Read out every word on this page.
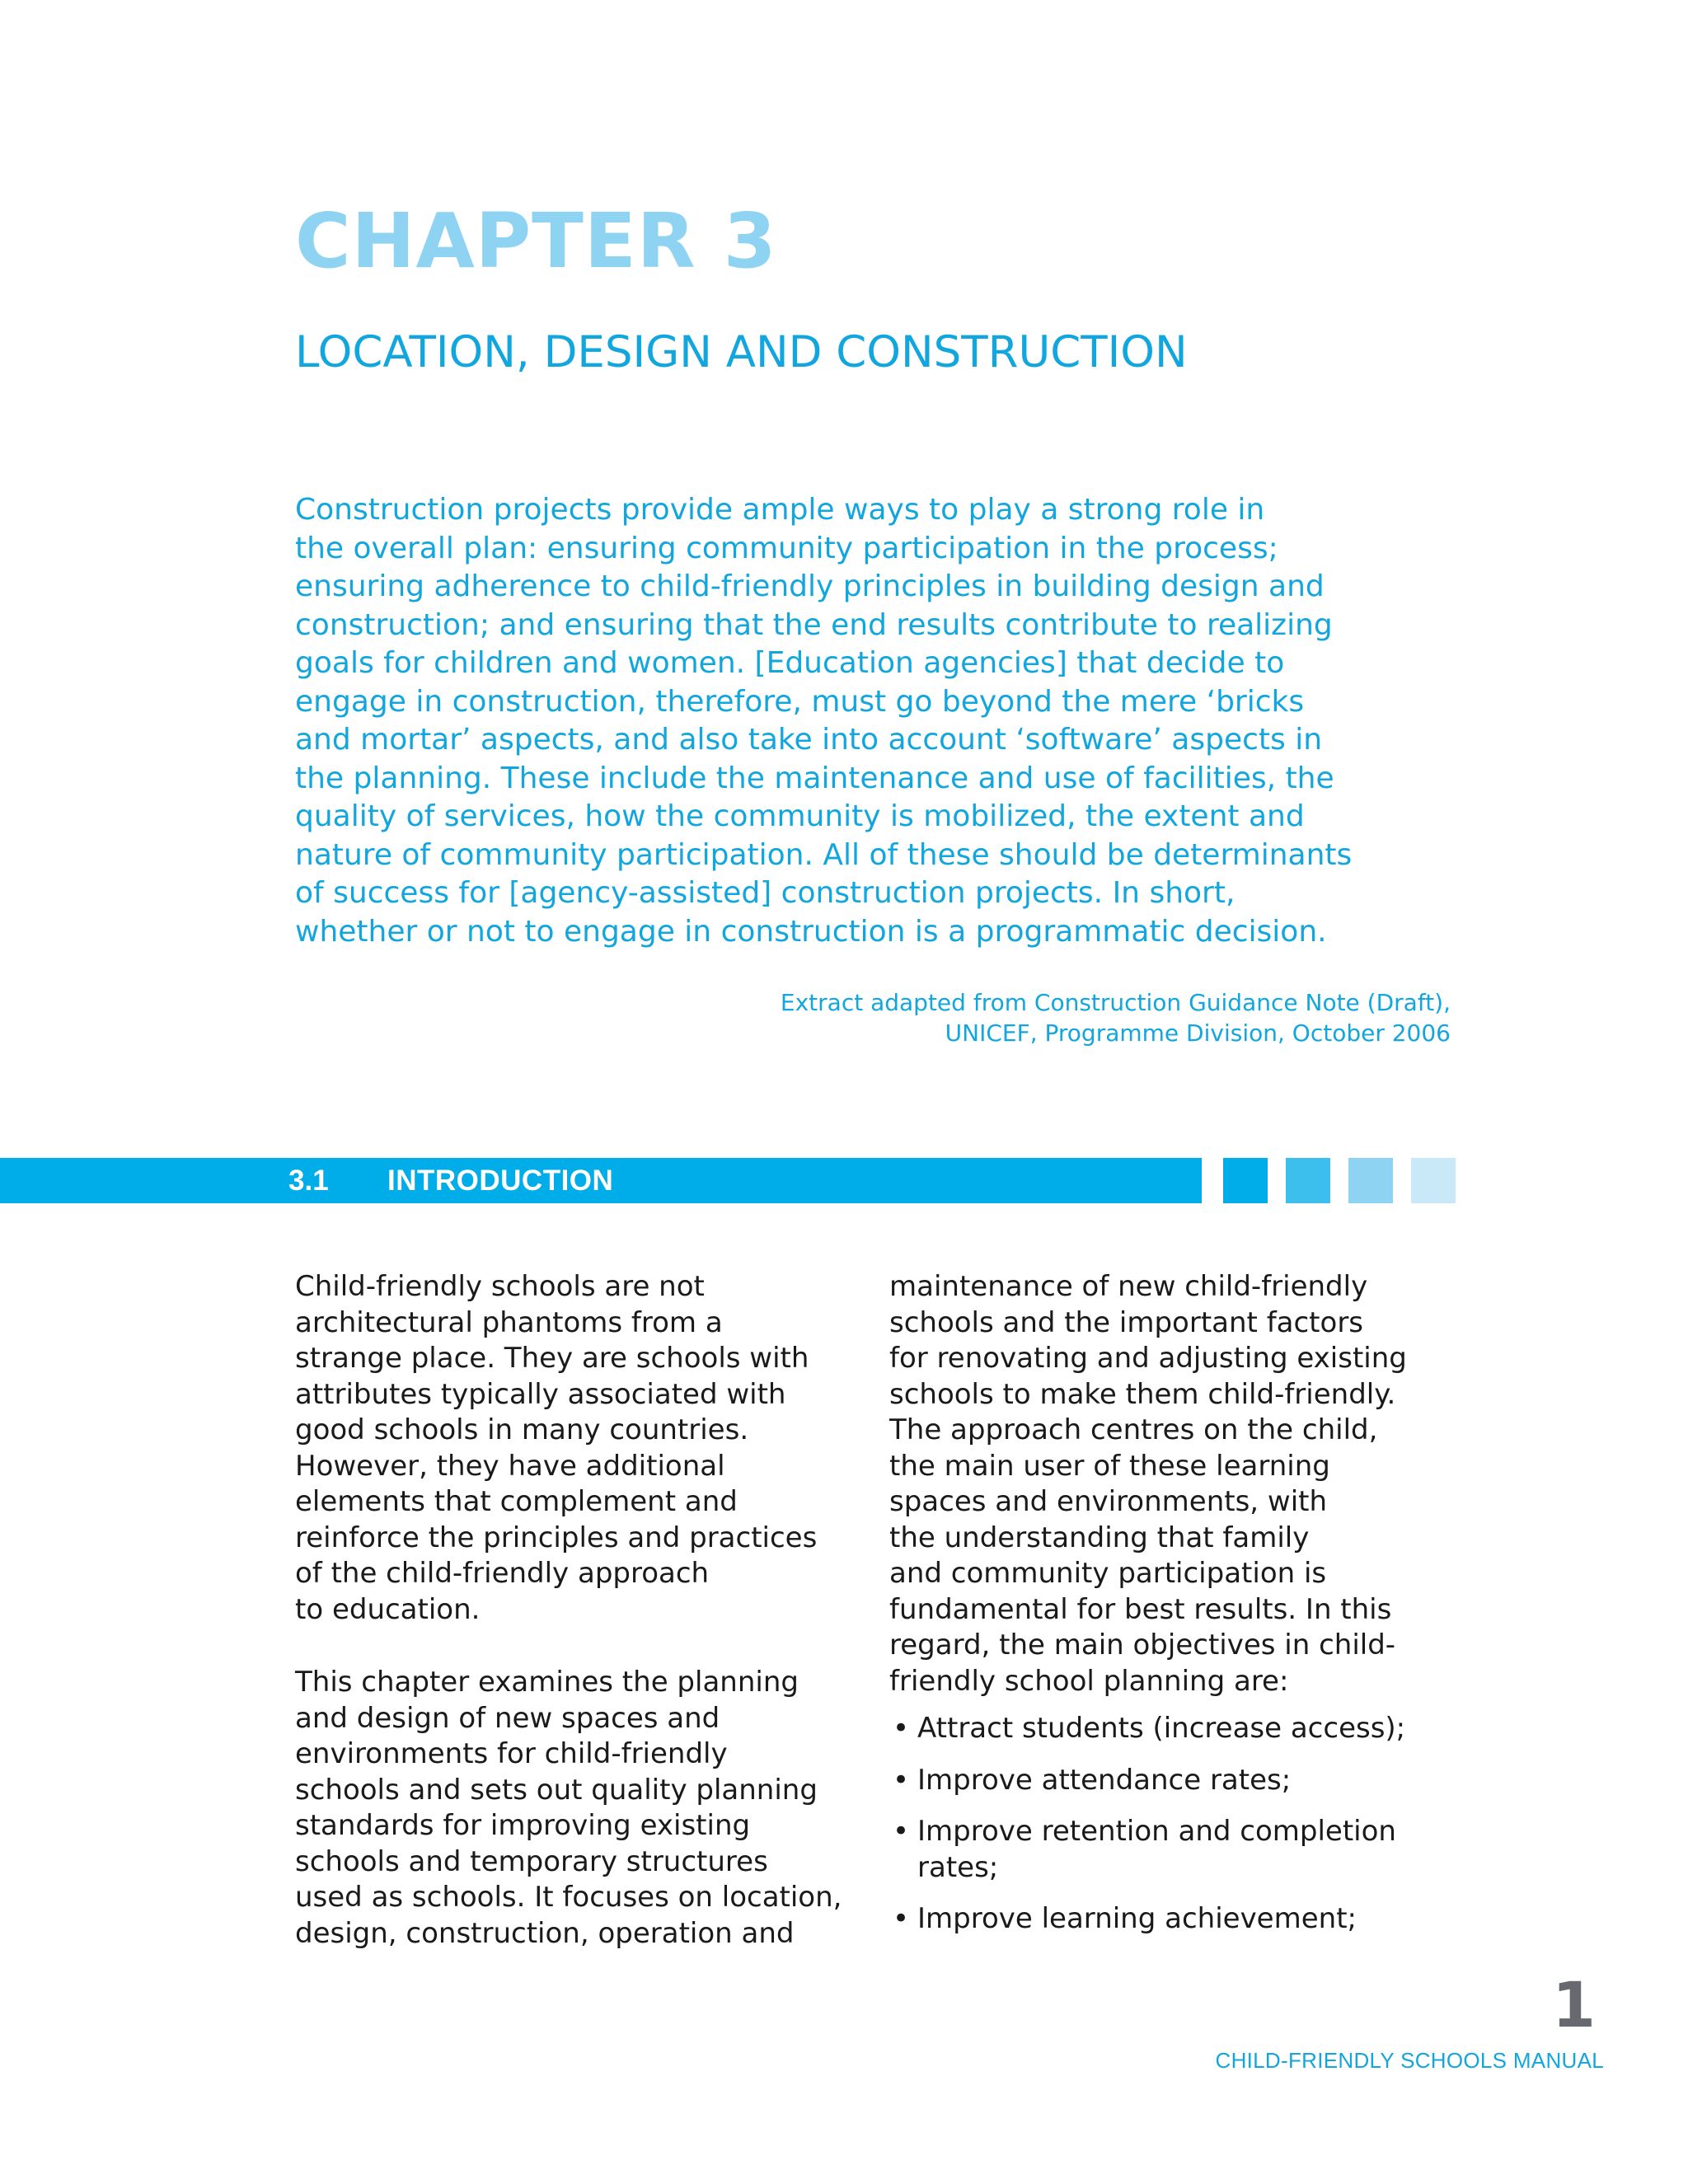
CHAPTER 3
LOCATION, DESIGN AND CONSTRUCTION
Construction projects provide ample ways to play a strong role in
the overall plan: ensuring community participation in the process;
ensuring adherence to child-friendly principles in building design and
construction; and ensuring that the end results contribute to realizing
goals for children and women. [Education agencies] that decide to
engage in construction, therefore, must go beyond the mere ‘bricks
and mortar’ aspects, and also take into account ‘software’ aspects in
the planning. These include the maintenance and use of facilities, the
quality of services, how the community is mobilized, the extent and
nature of community participation. All of these should be determinants
of success for [agency-assisted] construction projects. In short,
whether or not to engage in construction is a programmatic decision.
Extract adapted from Construction Guidance Note (Draft),
UNICEF, Programme Division, October 2006
3.1 INTRODUCTION
Child-friendly schools are not
architectural phantoms from a
strange place. They are schools with
attributes typically associated with
good schools in many countries.
However, they have additional
elements that complement and
reinforce the principles and practices
of the child-friendly approach
to education.
This chapter examines the planning
and design of new spaces and
environments for child-friendly
schools and sets out quality planning
standards for improving existing
schools and temporary structures
used as schools. It focuses on location,
design, construction, operation and
maintenance of new child-friendly
schools and the important factors
for renovating and adjusting existing
schools to make them child-friendly.
The approach centres on the child,
the main user of these learning
spaces and environments, with
the understanding that family
and community participation is
fundamental for best results. In this
regard, the main objectives in child-
friendly school planning are:
• Attract students (increase access);
• Improve attendance rates;
• Improve retention and completion
rates;
• Improve learning achievement;
1
CHILD-FRIENDLY SCHOOLS MANUAL
